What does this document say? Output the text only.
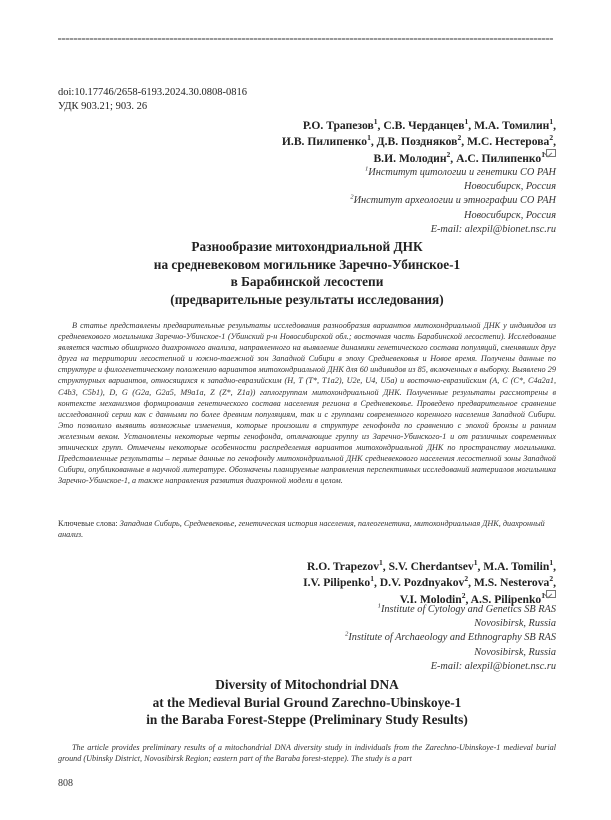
doi:10.17746/2658-6193.2024.30.0808-0816
УДК 903.21; 903. 26
Р.О. Трапезов$^1$, С.В. Черданцев$^1$, М.А. Томилин$^1$,
И.В. Пилипенко$^1$, Д.В. Поздняков$^2$, М.С. Нестерова$^2$,
В.И. Молодин$^2$, А.С. Пилипенко$^1$
$^1$Институт цитологии и генетики СО РАН
Новосибирск, Россия
$^2$Институт археологии и этнографии СО РАН
Новосибирск, Россия
E-mail: alexpil@bionet.nsc.ru
Разнообразие митохондриальной ДНК
на средневековом могильнике Заречно-Убинское-1
в Барабинской лесостепи
(предварительные результаты исследования)
В статье представлены предварительные результаты исследования разнообразия вариантов митохондриальной ДНК у индивидов из средневекового могильника Заречно-Убинское-1 (Убинский р-н Новосибирской обл.; восточная часть Барабинской лесостепи). Исследование является частью обширного диахронного анализа, направленного на выявление динамики генетического состава популяций, сменявших друг друга на территории лесостепной и южно-таежной зон Западной Сибири в эпоху Средневековья и Новое время. Получены данные по структуре и филогенетическому положению вариантов митохондриальной ДНК для 60 индивидов из 85, включенных в выборку. Выявлено 29 структурных вариантов, относящихся к западно-евразийским (H, T (T*, T1a2), U2e, U4, U5a) и восточно-евразийским (A, C (C*, C4a2a1, C4b3, C5b1), D, G (G2a, G2a5, M9a1a, Z (Z*, Z1a)) гаплогруппам митохондриальной ДНК. Полученные результаты рассмотрены в контексте механизмов формирования генетического состава населения региона в Средневековье. Проведено предварительное сравнение исследованной серии как с данными по более древним популяциям, так и с группами современного коренного населения Западной Сибири. Это позволило выявить возможные изменения, которые произошли в структуре генофонда по сравнению с эпохой бронзы и ранним железным веком. Установлены некоторые черты генофонда, отличающие группу из Заречно-Убинского-1 и от различных современных этнических групп. Отмечены некоторые особенности распределения вариантов митохондриальной ДНК по пространству могильника. Представленные результаты – первые данные по генофонду митохондриальной ДНК средневекового населения лесостепной зоны Западной Сибири, опубликованные в научной литературе. Обозначены планируемые направления перспективных исследований материалов могильника Заречно-Убинское-1, а также направления развития диахронной модели в целом.
Ключевые слова: Западная Сибирь, Средневековье, генетическая история населения, палеогенетика, митохондриальная ДНК, диахронный анализ.
R.O. Trapezov$^1$, S.V. Cherdantsev$^1$, M.A. Tomilin$^1$,
I.V. Pilipenko$^1$, D.V. Pozdnyakov$^2$, M.S. Nesterova$^2$,
V.I. Molodin$^2$, A.S. Pilipenko$^1$
$^1$Institute of Cytology and Genetics SB RAS
Novosibirsk, Russia
$^2$Institute of Archaeology and Ethnography SB RAS
Novosibirsk, Russia
E-mail: alexpil@bionet.nsc.ru
Diversity of Mitochondrial DNA
at the Medieval Burial Ground Zarechno-Ubinskoye-1
in the Baraba Forest-Steppe (Preliminary Study Results)
The article provides preliminary results of a mitochondrial DNA diversity study in individuals from the Zarechno-Ubinskoye-1 medieval burial ground (Ubinsky District, Novosibirsk Region; eastern part of the Baraba forest-steppe). The study is a part
808
